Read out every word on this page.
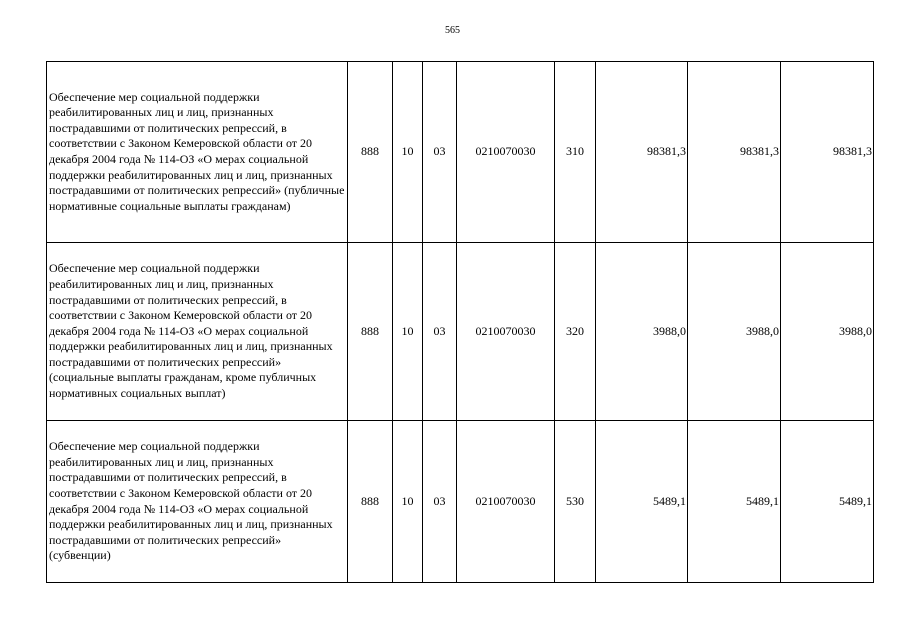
565
Обеспечение мер социальной поддержки реабилитированных лиц и лиц, признанных пострадавшими от политических репрессий, в соответствии с Законом Кемеровской области от 20 декабря 2004 года № 114-ОЗ «О мерах социальной поддержки реабилитированных лиц и лиц, признанных пострадавшими от политических репрессий» (публичные нормативные социальные выплаты гражданам)	888	10	03	0210070030	310	98381,3	98381,3	98381,3
Обеспечение мер социальной поддержки реабилитированных лиц и лиц, признанных пострадавшими от политических репрессий, в соответствии с Законом Кемеровской области от 20 декабря 2004 года № 114-ОЗ «О мерах социальной поддержки реабилитированных лиц и лиц, признанных пострадавшими от политических репрессий» (социальные выплаты гражданам, кроме публичных нормативных социальных выплат)	888	10	03	0210070030	320	3988,0	3988,0	3988,0
Обеспечение мер социальной поддержки реабилитированных лиц и лиц, признанных пострадавшими от политических репрессий, в соответствии с Законом Кемеровской области от 20 декабря 2004 года № 114-ОЗ «О мерах социальной поддержки реабилитированных лиц и лиц, признанных пострадавшими от политических репрессий» (субвенции)	888	10	03	0210070030	530	5489,1	5489,1	5489,1
